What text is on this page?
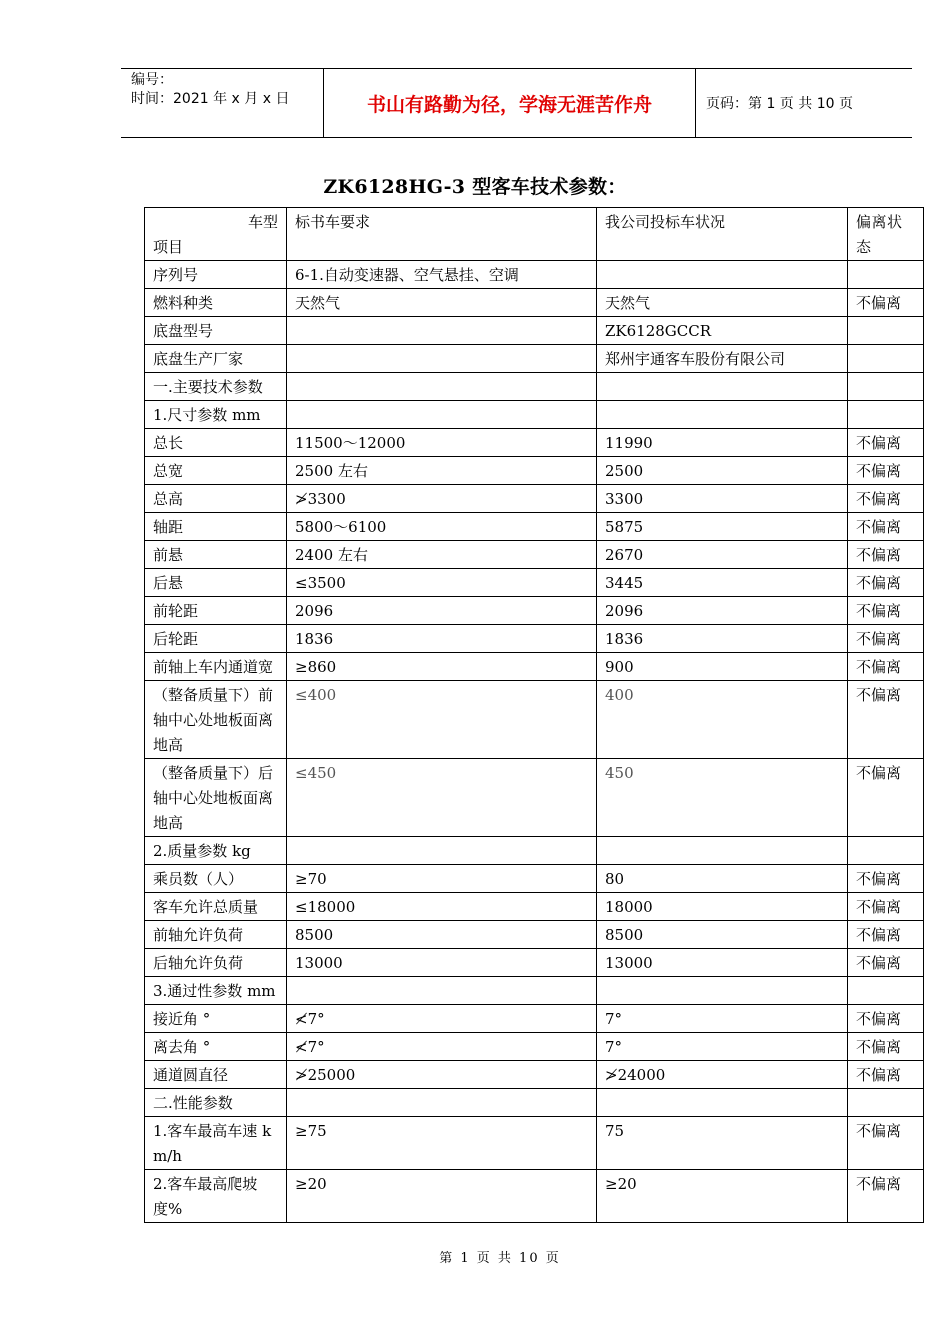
编号：
时间：2021 年 x 月 x 日	书山有路勤为径，学海无涯苦作舟	页码：第 1 页 共 10 页
ZK6128HG-3 型客车技术参数：
车型
项目	标书车要求	我公司投标车状况	偏离状态
序列号	6-1.自动变速器、空气悬挂、空调		
燃料种类	天然气	天然气	不偏离
底盘型号		ZK6128GCCR	
底盘生产厂家		郑州宇通客车股份有限公司	
一.主要技术参数			
1.尺寸参数 mm			
总长	11500～12000	11990	不偏离
总宽	2500 左右	2500	不偏离
总高	≯3300	3300	不偏离
轴距	5800～6100	5875	不偏离
前悬	2400 左右	2670	不偏离
后悬	≤3500	3445	不偏离
前轮距	2096	2096	不偏离
后轮距	1836	1836	不偏离
前轴上车内通道宽	≥860	900	不偏离
（整备质量下）前轴中心处地板面离地高	≤400	400	不偏离
（整备质量下）后轴中心处地板面离地高	≤450	450	不偏离
2.质量参数 kg			
乘员数（人）	≥70	80	不偏离
客车允许总质量	≤18000	18000	不偏离
前轴允许负荷	8500	8500	不偏离
后轴允许负荷	13000	13000	不偏离
3.通过性参数 mm			
接近角 °	≮7°	7°	不偏离
离去角 °	≮7°	7°	不偏离
通道圆直径	≯25000	≯24000	不偏离
二.性能参数			
1.客车最高车速 km/h	≥75	75	不偏离
2.客车最高爬坡度%	≥20	≥20	不偏离
第 1 页 共 10 页
